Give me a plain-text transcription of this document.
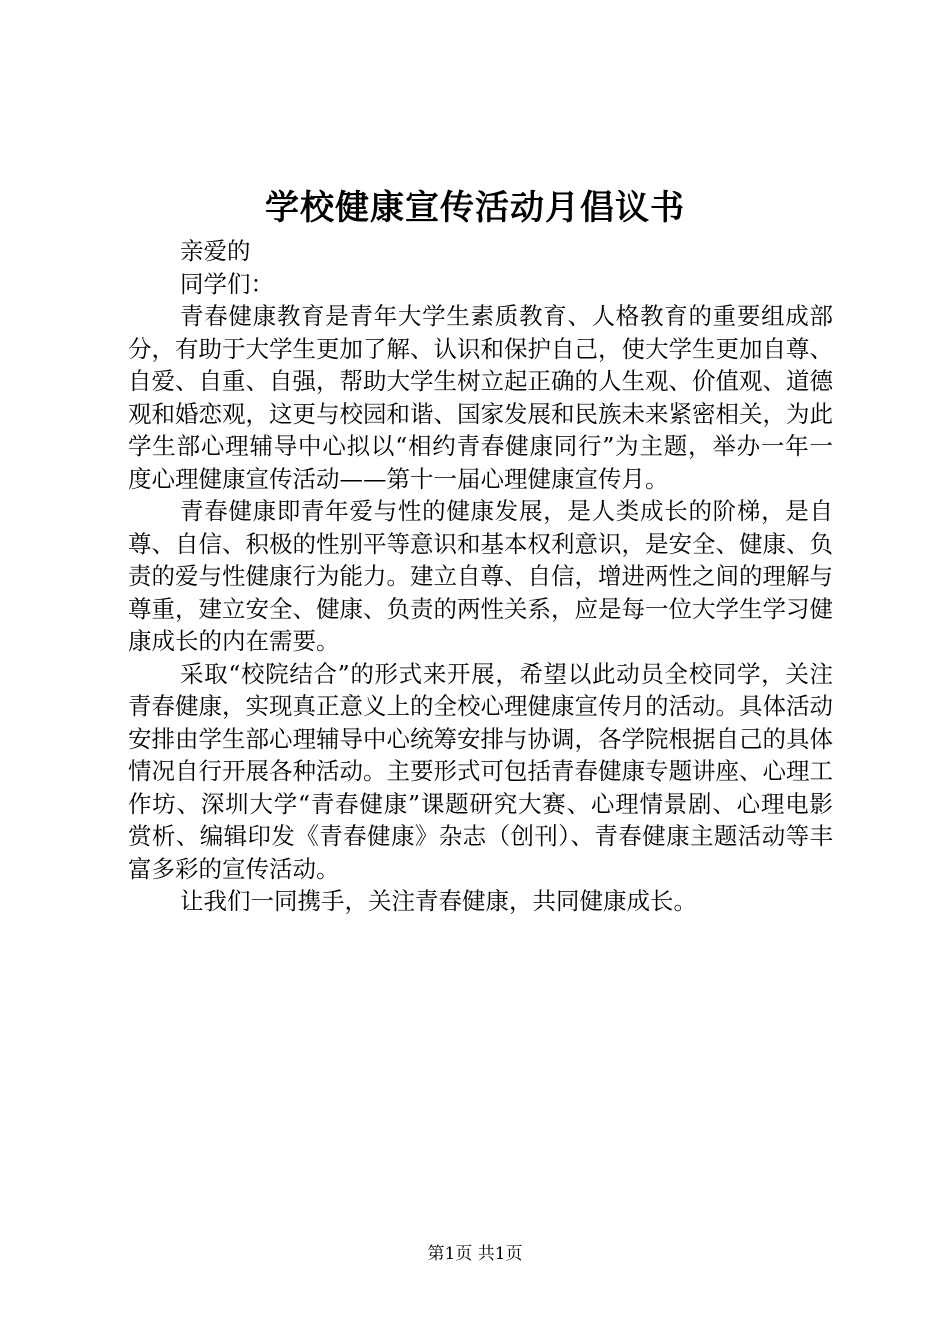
学校健康宣传活动月倡议书

亲爱的

同学们：

青春健康教育是青年大学生素质教育、人格教育的重要组成部分，有助于大学生更加了解、认识和保护自己，使大学生更加自尊、自爱、自重、自强，帮助大学生树立起正确的人生观、价值观、道德观和婚恋观，这更与校园和谐、国家发展和民族未来紧密相关，为此学生部心理辅导中心拟以“相约青春健康同行”为主题，举办一年一度心理健康宣传活动——第十一届心理健康宣传月。

青春健康即青年爱与性的健康发展，是人类成长的阶梯，是自尊、自信、积极的性别平等意识和基本权利意识，是安全、健康、负责的爱与性健康行为能力。建立自尊、自信，增进两性之间的理解与尊重，建立安全、健康、负责的两性关系，应是每一位大学生学习健康成长的内在需要。

采取“校院结合”的形式来开展，希望以此动员全校同学，关注青春健康，实现真正意义上的全校心理健康宣传月的活动。具体活动安排由学生部心理辅导中心统筹安排与协调，各学院根据自己的具体情况自行开展各种活动。主要形式可包括青春健康专题讲座、心理工作坊、深圳大学“青春健康”课题研究大赛、心理情景剧、心理电影赏析、编辑印发《青春健康》杂志（创刊）、青春健康主题活动等丰富多彩的宣传活动。

让我们一同携手，关注青春健康，共同健康成长。

第1页 共1页
